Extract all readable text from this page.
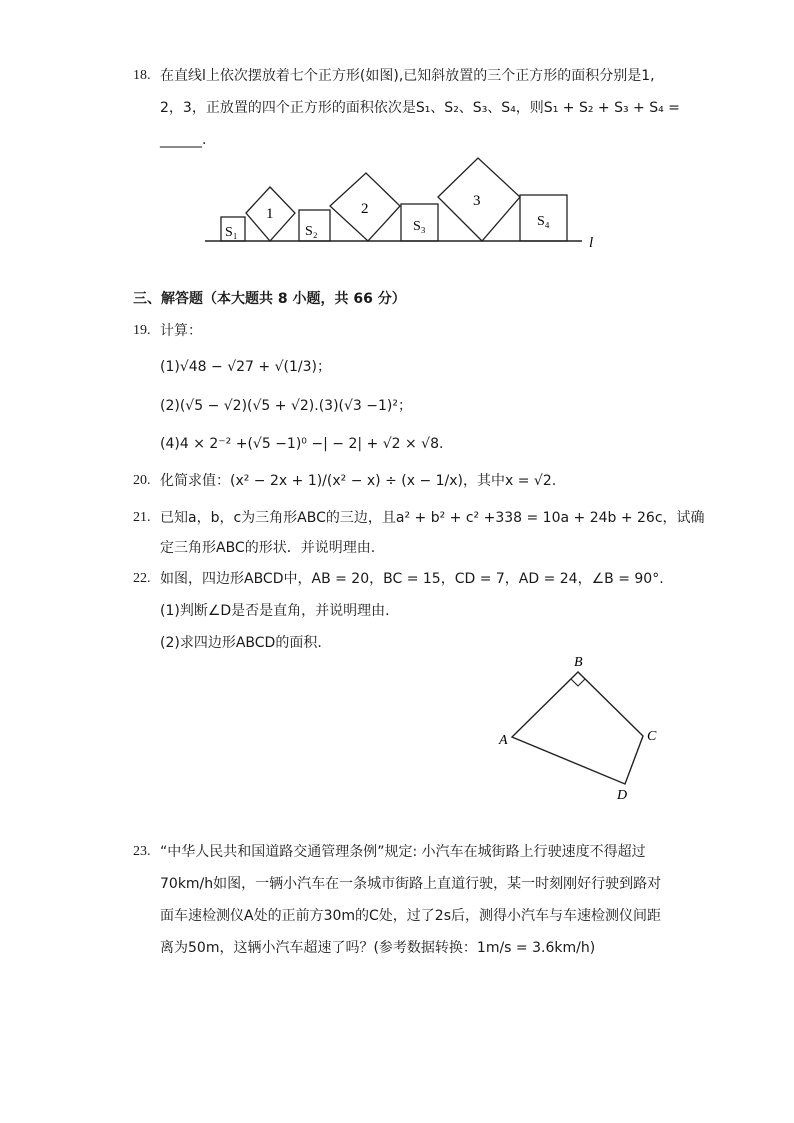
18. 在直线l上依次摆放着七个正方形(如图),已知斜放置的三个正方形的面积分别是1,
2，3，正放置的四个正方形的面积依次是S₁、S₂、S₃、S₄，则S₁ + S₂ + S₃ + S₄ =
______.
S₁
1
S₂
2
S₃
3
S₄
l
三、解答题（本大题共 8 小题，共 66 分）
19. 计算：
(1)√48 − √27 + √(1/3)；
(2)(√5 − √2)(√5 + √2).(3)(√3 −1)²；
(4)4 × 2⁻² +(√5 −1)⁰ −| − 2| + √2 × √8.
20. 化简求值：(x² − 2x + 1)/(x² − x) ÷ (x − 1/x)，其中x = √2.
21. 已知a，b，c为三角形ABC的三边，且a² + b² + c² +338 = 10a + 24b + 26c，试确
定三角形ABC的形状．并说明理由.
22. 如图，四边形ABCD中，AB = 20，BC = 15，CD = 7，AD = 24，∠B = 90°.
(1)判断∠D是否是直角，并说明理由.
(2)求四边形ABCD的面积.
A
B
C
D
23. “中华人民共和国道路交通管理条例”规定: 小汽车在城街路上行驶速度不得超过
70km/h如图，一辆小汽车在一条城市街路上直道行驶，某一时刻刚好行驶到路对
面车速检测仪A处的正前方30m的C处，过了2s后，测得小汽车与车速检测仪间距
离为50m，这辆小汽车超速了吗？(参考数据转换：1m/s = 3.6km/h)
